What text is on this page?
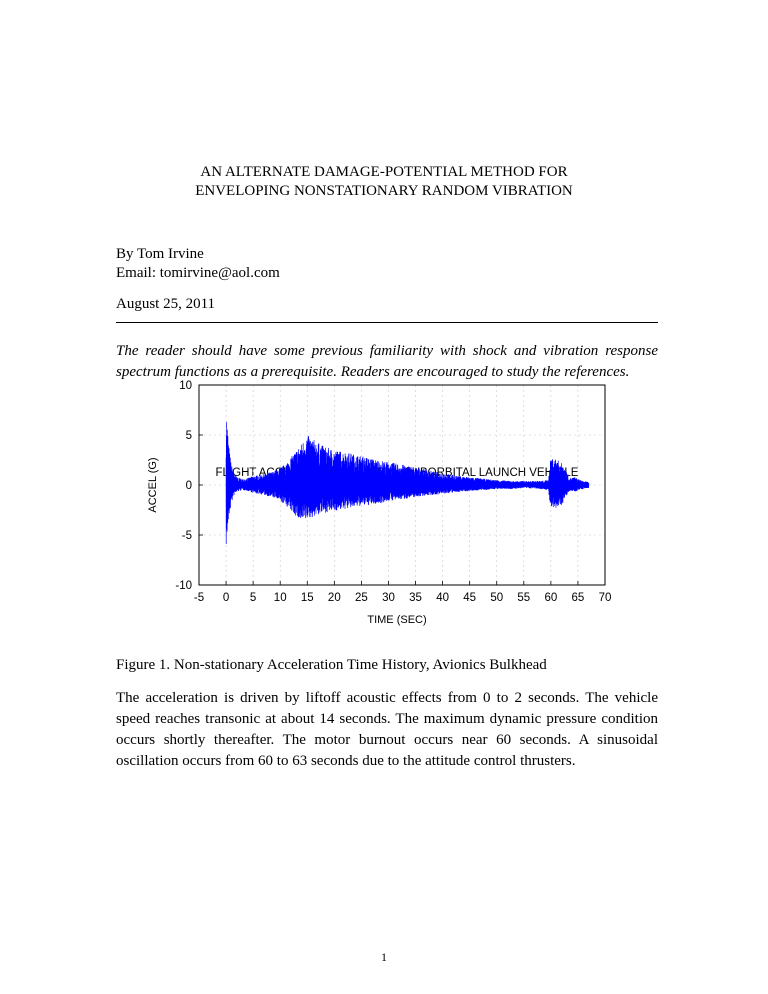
AN ALTERNATE DAMAGE-POTENTIAL METHOD FOR
ENVELOPING NONSTATIONARY RANDOM VIBRATION
By Tom Irvine
Email: tomirvine@aol.com
August 25, 2011
The reader should have some previous familiarity with shock and vibration response spectrum functions as a prerequisite. Readers are encouraged to study the references.
FLIGHT ACCELEROMETER DATA - SUBORBITAL LAUNCH VEHICLE
-5 0 5 10 15 20 25 30 35 40 45 50 55 60 65 70
10
5
0
-5
-10
TIME (SEC)
ACCEL (G)
Figure 1. Non-stationary Acceleration Time History, Avionics Bulkhead
The acceleration is driven by liftoff acoustic effects from 0 to 2 seconds. The vehicle speed reaches transonic at about 14 seconds. The maximum dynamic pressure condition occurs shortly thereafter. The motor burnout occurs near 60 seconds. A sinusoidal oscillation occurs from 60 to 63 seconds due to the attitude control thrusters.
1
